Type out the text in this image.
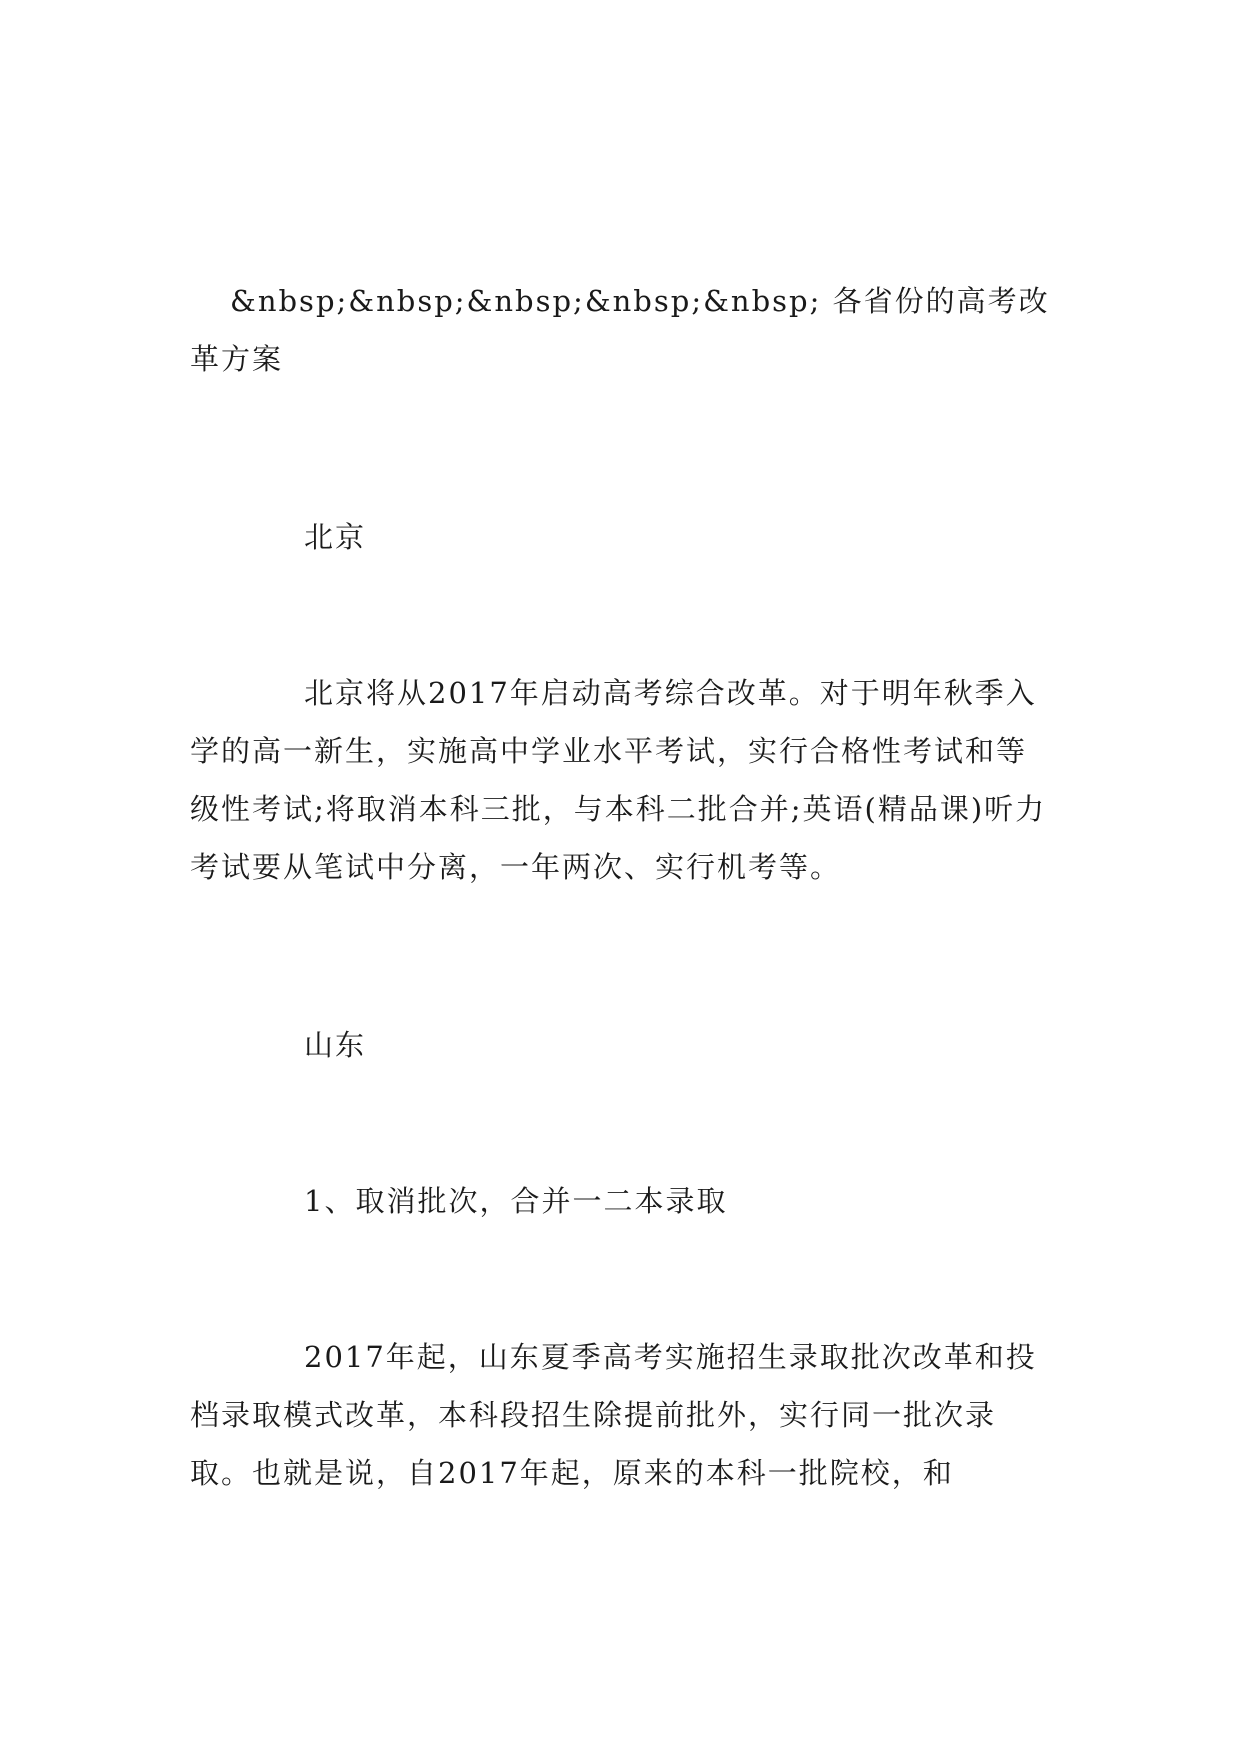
&nbsp;&nbsp;&nbsp;&nbsp;&nbsp; 各省份的高考改革方案

北京

北京将从2017年启动高考综合改革。对于明年秋季入学的高一新生，实施高中学业水平考试，实行合格性考试和等级性考试;将取消本科三批，与本科二批合并;英语(精品课)听力考试要从笔试中分离，一年两次、实行机考等。

山东

1、取消批次，合并一二本录取

2017年起，山东夏季高考实施招生录取批次改革和投档录取模式改革，本科段招生除提前批外，实行同一批次录取。也就是说，自2017年起，原来的本科一批院校，和
